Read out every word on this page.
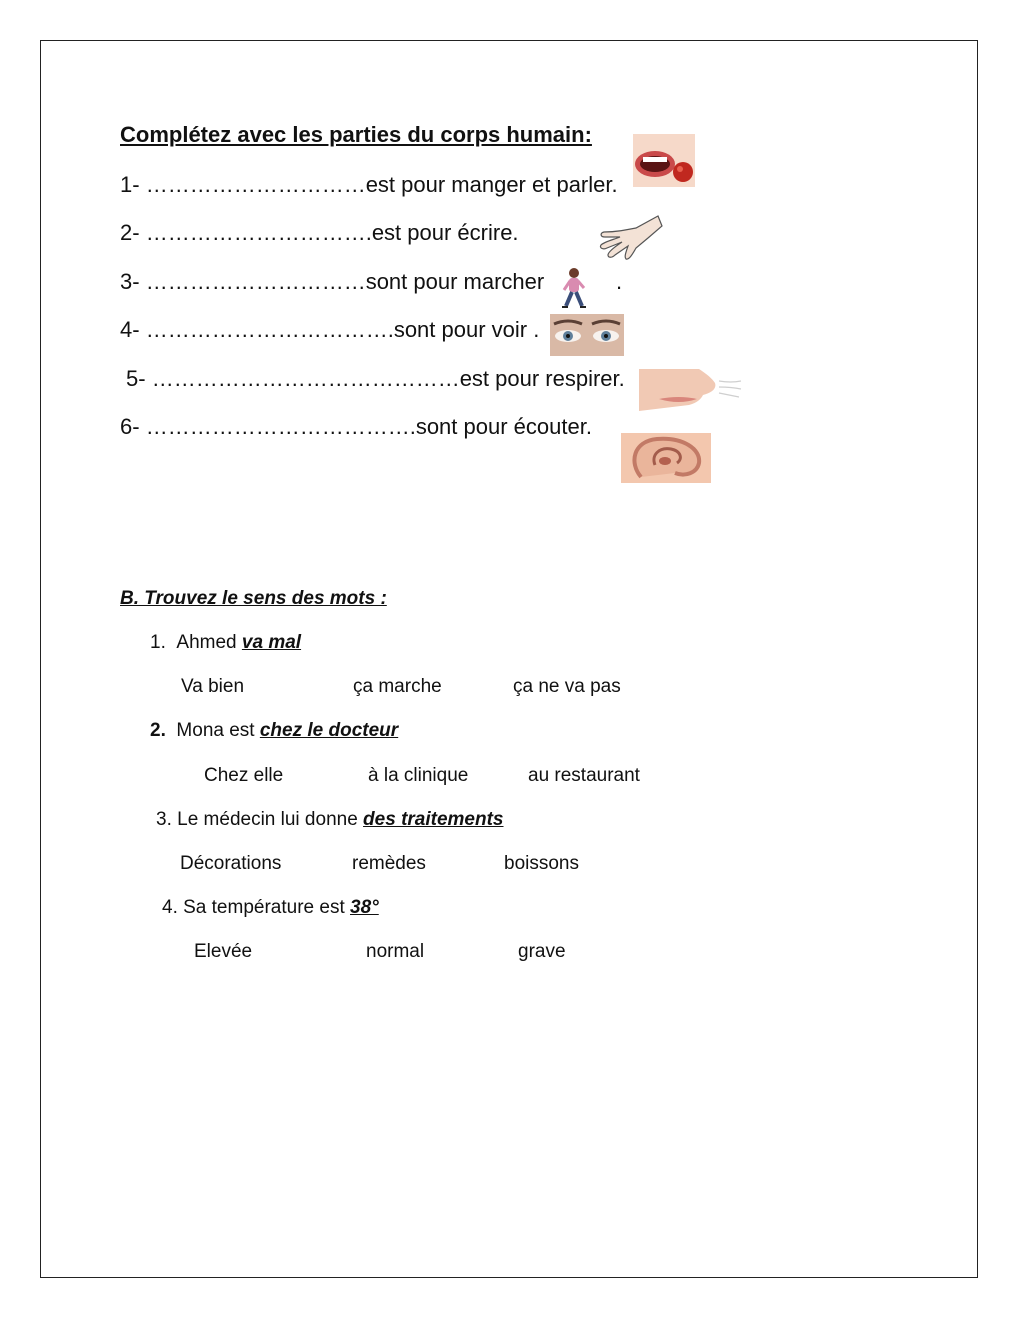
Complétez avec les parties du corps humain:
1- …………………………est pour manger et parler.
2- ………………………….est pour écrire.
3- …………………………sont pour marcher	.
4- …………………………….sont pour voir .
5- ……………………………………est pour respirer.
6- ……………………………….sont pour écouter.
B. Trouvez le sens des mots :
1. Ahmed va mal
Va bien	ça marche	ça ne va pas
2. Mona est chez le docteur
Chez elle	à la clinique	au restaurant
3. Le médecin lui donne des traitements
Décorations	remèdes	boissons
4. Sa température est 38°
Elevée	normal	grave
